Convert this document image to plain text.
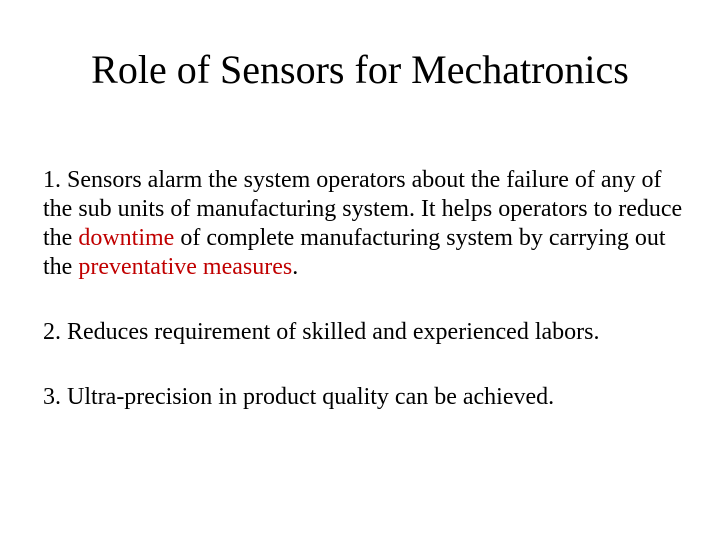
Role of Sensors for Mechatronics

1. Sensors alarm the system operators about the failure of any of the sub units of manufacturing system. It helps operators to reduce the downtime of complete manufacturing system by carrying out the preventative measures.

2. Reduces requirement of skilled and experienced labors.

3. Ultra-precision in product quality can be achieved.
